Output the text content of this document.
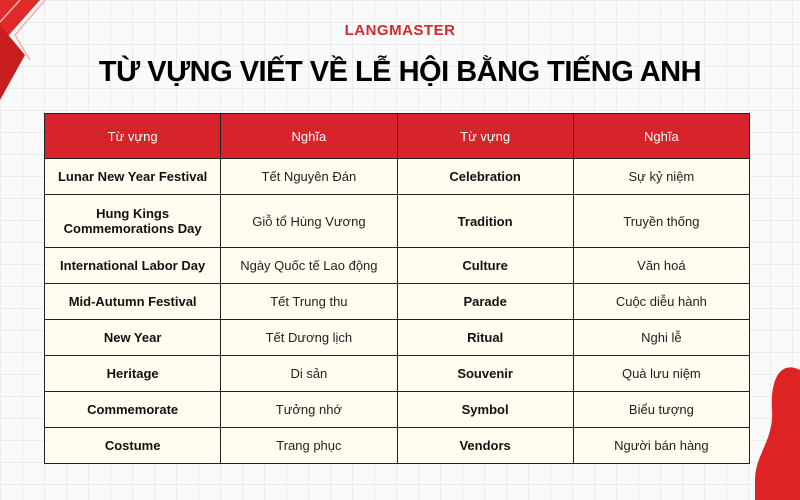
LANGMASTER
TỪ VỰNG VIẾT VỀ LỄ HỘI BẰNG TIẾNG ANH
Từ vựng	Nghĩa	Từ vựng	Nghĩa
Lunar New Year Festival	Tết Nguyên Đán	Celebration	Sự kỷ niệm
Hung Kings Commemorations Day	Giỗ tổ Hùng Vương	Tradition	Truyền thống
International Labor Day	Ngày Quốc tế Lao động	Culture	Văn hoá
Mid-Autumn Festival	Tết Trung thu	Parade	Cuộc diễu hành
New Year	Tết Dương lịch	Ritual	Nghi lễ
Heritage	Di sản	Souvenir	Quà lưu niệm
Commemorate	Tưởng nhớ	Symbol	Biểu tượng
Costume	Trang phục	Vendors	Người bán hàng
